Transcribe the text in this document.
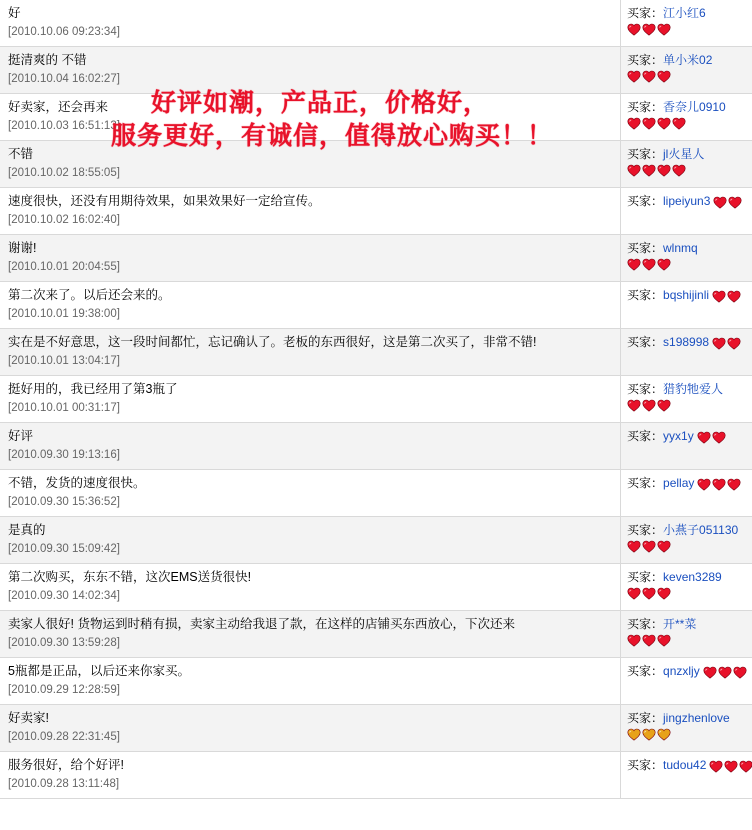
好
[2010.10.06 09:23:34]	买家：江小红6

挺清爽的 不错
[2010.10.04 16:02:27]	买家：单小米02

好卖家，还会再来
[2010.10.03 16:51:13]	买家：香奈儿0910

不错
[2010.10.02 18:55:05]	买家：jl火星人

速度很快，还没有用期待效果，如果效果好一定给宣传。
[2010.10.02 16:02:40]	买家：lipeiyun3

谢谢!
[2010.10.01 20:04:55]	买家：wlnmq

第二次来了。以后还会来的。
[2010.10.01 19:38:00]	买家：bqshijinli

实在是不好意思，这一段时间都忙，忘记确认了。老板的东西很好，这是第二次买了，非常不错!
[2010.10.01 13:04:17]	买家：s198998

挺好用的，我已经用了第3瓶了
[2010.10.01 00:31:17]	买家：猎豹牠爱人

好评
[2010.09.30 19:13:16]	买家：yyx1y

不错，发货的速度很快。
[2010.09.30 15:36:52]	买家：pellay

是真的
[2010.09.30 15:09:42]	买家：小燕子051130

第二次购买，东东不错，这次EMS送货很快!
[2010.09.30 14:02:34]	买家：keven3289

卖家人很好! 货物运到时稍有损，卖家主动给我退了款，在这样的店铺买东西放心，下次还来
[2010.09.30 13:59:28]	买家：开**菜

5瓶都是正品，以后还来你家买。
[2010.09.29 12:28:59]	买家：qnzxljy

好卖家!
[2010.09.28 22:31:45]	买家：jingzhenlove

服务很好，给个好评!
[2010.09.28 13:11:48]	买家：tudou42
好评如潮，产品正，价格好，
服务更好，有诚信，值得放心购买！！
